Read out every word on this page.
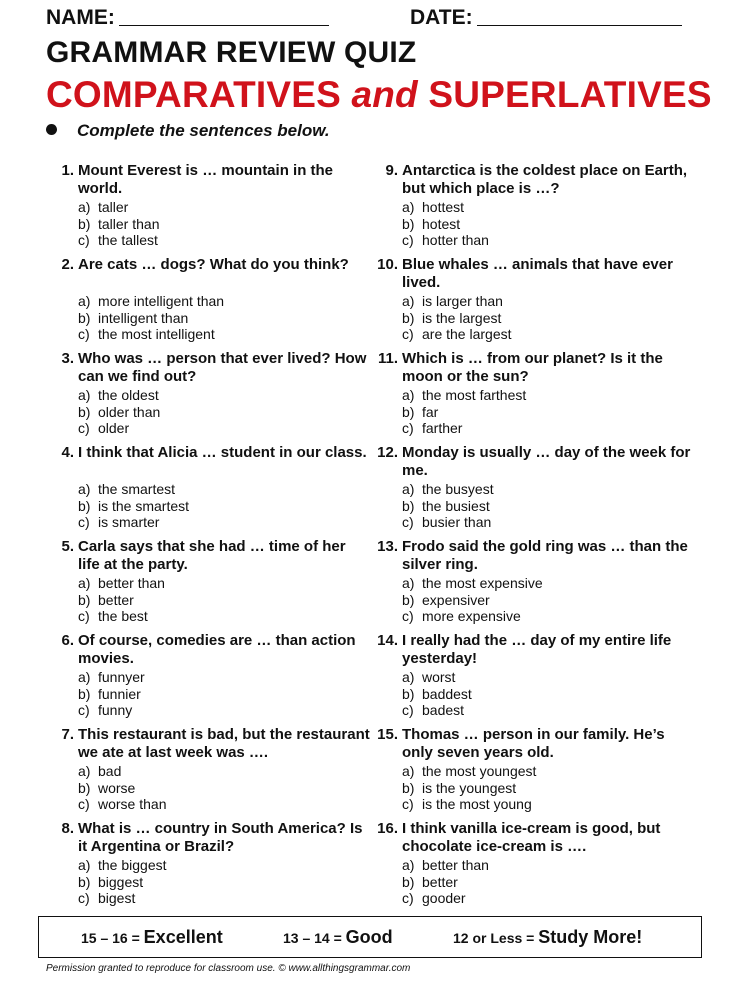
NAME:	DATE:
GRAMMAR REVIEW QUIZ
COMPARATIVES and SUPERLATIVES
Complete the sentences below.
1. Mount Everest is … mountain in the world.
a) taller
b) taller than
c) the tallest
2. Are cats … dogs? What do you think?
a) more intelligent than
b) intelligent than
c) the most intelligent
3. Who was … person that ever lived? How can we find out?
a) the oldest
b) older than
c) older
4. I think that Alicia … student in our class.
a) the smartest
b) is the smartest
c) is smarter
5. Carla says that she had … time of her life at the party.
a) better than
b) better
c) the best
6. Of course, comedies are … than action movies.
a) funnyer
b) funnier
c) funny
7. This restaurant is bad, but the restaurant we ate at last week was ….
a) bad
b) worse
c) worse than
8. What is … country in South America? Is it Argentina or Brazil?
a) the biggest
b) biggest
c) bigest
9. Antarctica is the coldest place on Earth, but which place is …?
a) hottest
b) hotest
c) hotter than
10. Blue whales … animals that have ever lived.
a) is larger than
b) is the largest
c) are the largest
11. Which is … from our planet? Is it the moon or the sun?
a) the most farthest
b) far
c) farther
12. Monday is usually … day of the week for me.
a) the busyest
b) the busiest
c) busier than
13. Frodo said the gold ring was … than the silver ring.
a) the most expensive
b) expensiver
c) more expensive
14. I really had the … day of my entire life yesterday!
a) worst
b) baddest
c) badest
15. Thomas … person in our family. He’s only seven years old.
a) the most youngest
b) is the youngest
c) is the most young
16. I think vanilla ice-cream is good, but chocolate ice-cream is ….
a) better than
b) better
c) gooder
15 – 16 = Excellent	13 – 14 = Good	12 or Less = Study More!
Permission granted to reproduce for classroom use. © www.allthingsgrammar.com
